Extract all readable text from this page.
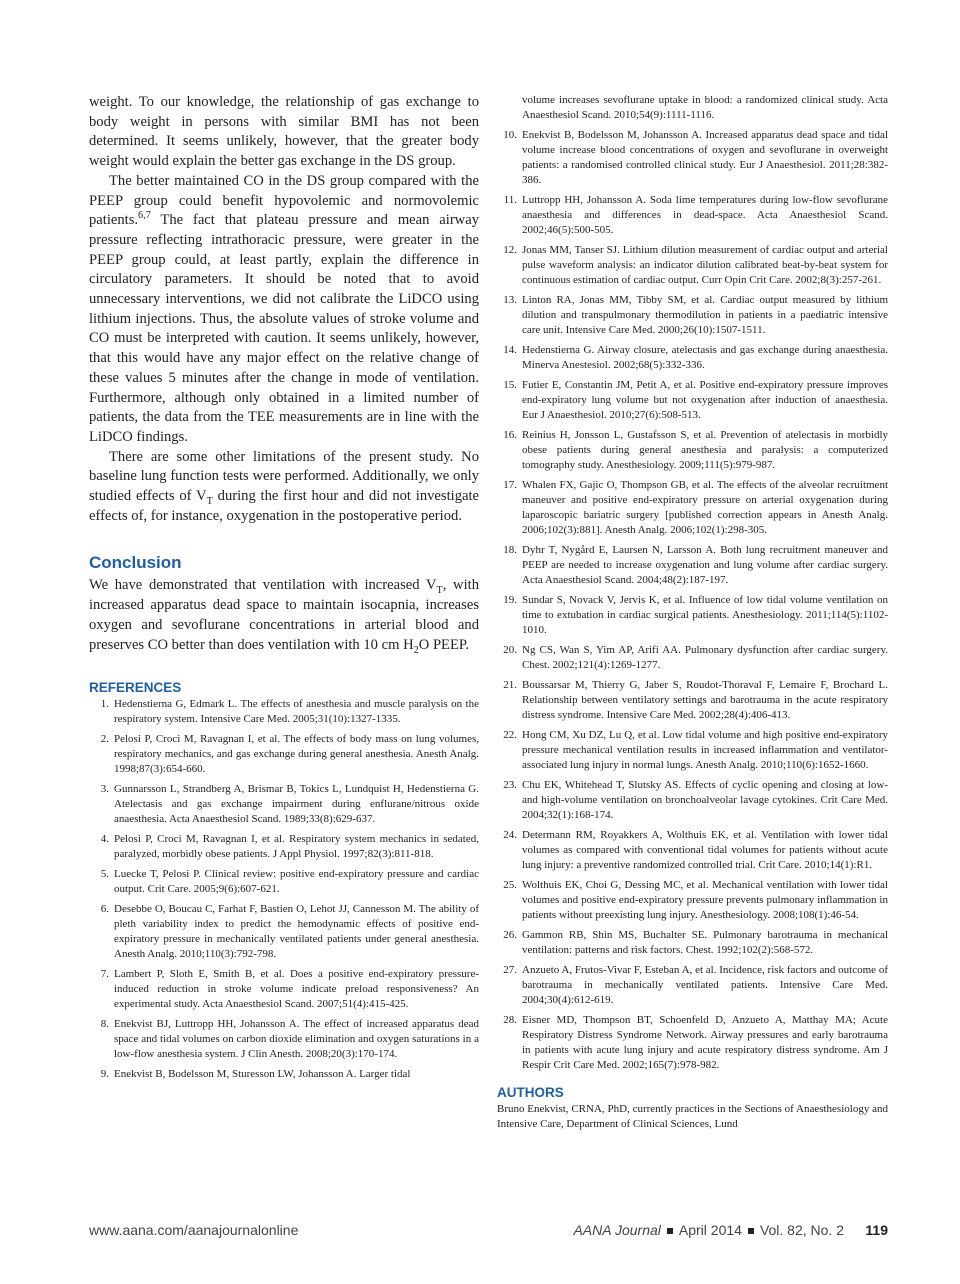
weight. To our knowledge, the relationship of gas exchange to body weight in persons with similar BMI has not been determined. It seems unlikely, however, that the greater body weight would explain the better gas exchange in the DS group.

The better maintained CO in the DS group compared with the PEEP group could benefit hypovolemic and normovolemic patients.$^{6,7}$ The fact that plateau pressure and mean airway pressure reflecting intrathoracic pressure, were greater in the PEEP group could, at least partly, explain the difference in circulatory parameters. It should be noted that to avoid unnecessary interventions, we did not calibrate the LiDCO using lithium injections. Thus, the absolute values of stroke volume and CO must be interpreted with caution. It seems unlikely, however, that this would have any major effect on the relative change of these values 5 minutes after the change in mode of ventilation. Furthermore, although only obtained in a limited number of patients, the data from the TEE measurements are in line with the LiDCO findings.

There are some other limitations of the present study. No baseline lung function tests were performed. Additionally, we only studied effects of $V_T$ during the first hour and did not investigate effects of, for instance, oxygenation in the postoperative period.

Conclusion

We have demonstrated that ventilation with increased $V_T$, with increased apparatus dead space to maintain isocapnia, increases oxygen and sevoflurane concentrations in arterial blood and preserves CO better than does ventilation with 10 cm $H_2O$ PEEP.

REFERENCES
1. Hedenstierna G, Edmark L. The effects of anesthesia and muscle paralysis on the respiratory system. Intensive Care Med. 2005;31(10):1327-1335.
2. Pelosi P, Croci M, Ravagnan I, et al. The effects of body mass on lung volumes, respiratory mechanics, and gas exchange during general anesthesia. Anesth Analg. 1998;87(3):654-660.
3. Gunnarsson L, Strandberg A, Brismar B, Tokics L, Lundquist H, Hedenstierna G. Atelectasis and gas exchange impairment during enflurane/nitrous oxide anaesthesia. Acta Anaesthesiol Scand. 1989;33(8):629-637.
4. Pelosi P, Croci M, Ravagnan I, et al. Respiratory system mechanics in sedated, paralyzed, morbidly obese patients. J Appl Physiol. 1997;82(3):811-818.
5. Luecke T, Pelosi P. Clinical review: positive end-expiratory pressure and cardiac output. Crit Care. 2005;9(6):607-621.
6. Desebbe O, Boucau C, Farhat F, Bastien O, Lehot JJ, Cannesson M. The ability of pleth variability index to predict the hemodynamic effects of positive end-expiratory pressure in mechanically ventilated patients under general anesthesia. Anesth Analg. 2010;110(3):792-798.
7. Lambert P, Sloth E, Smith B, et al. Does a positive end-expiratory pressure-induced reduction in stroke volume indicate preload responsiveness? An experimental study. Acta Anaesthesiol Scand. 2007;51(4):415-425.
8. Enekvist BJ, Luttropp HH, Johansson A. The effect of increased apparatus dead space and tidal volumes on carbon dioxide elimination and oxygen saturations in a low-flow anesthesia system. J Clin Anesth. 2008;20(3):170-174.
9. Enekvist B, Bodelsson M, Sturesson LW, Johansson A. Larger tidal
volume increases sevoflurane uptake in blood: a randomized clinical study. Acta Anaesthesiol Scand. 2010;54(9):1111-1116.
10. Enekvist B, Bodelsson M, Johansson A. Increased apparatus dead space and tidal volume increase blood concentrations of oxygen and sevoflurane in overweight patients: a randomised controlled clinical study. Eur J Anaesthesiol. 2011;28:382-386.
11. Luttropp HH, Johansson A. Soda lime temperatures during low-flow sevoflurane anaesthesia and differences in dead-space. Acta Anaesthesiol Scand. 2002;46(5):500-505.
12. Jonas MM, Tanser SJ. Lithium dilution measurement of cardiac output and arterial pulse waveform analysis: an indicator dilution calibrated beat-by-beat system for continuous estimation of cardiac output. Curr Opin Crit Care. 2002;8(3):257-261.
13. Linton RA, Jonas MM, Tibby SM, et al. Cardiac output measured by lithium dilution and transpulmonary thermodilution in patients in a paediatric intensive care unit. Intensive Care Med. 2000;26(10):1507-1511.
14. Hedenstierna G. Airway closure, atelectasis and gas exchange during anaesthesia. Minerva Anestesiol. 2002;68(5):332-336.
15. Futier E, Constantin JM, Petit A, et al. Positive end-expiratory pressure improves end-expiratory lung volume but not oxygenation after induction of anaesthesia. Eur J Anaesthesiol. 2010;27(6):508-513.
16. Reinius H, Jonsson L, Gustafsson S, et al. Prevention of atelectasis in morbidly obese patients during general anesthesia and paralysis: a computerized tomography study. Anesthesiology. 2009;111(5):979-987.
17. Whalen FX, Gajic O, Thompson GB, et al. The effects of the alveolar recruitment maneuver and positive end-expiratory pressure on arterial oxygenation during laparoscopic bariatric surgery [published correction appears in Anesth Analg. 2006;102(3):881]. Anesth Analg. 2006;102(1):298-305.
18. Dyhr T, Nygård E, Laursen N, Larsson A. Both lung recruitment maneuver and PEEP are needed to increase oxygenation and lung volume after cardiac surgery. Acta Anaesthesiol Scand. 2004;48(2):187-197.
19. Sundar S, Novack V, Jervis K, et al. Influence of low tidal volume ventilation on time to extubation in cardiac surgical patients. Anesthesiology. 2011;114(5):1102-1010.
20. Ng CS, Wan S, Yim AP, Arifi AA. Pulmonary dysfunction after cardiac surgery. Chest. 2002;121(4):1269-1277.
21. Boussarsar M, Thierry G, Jaber S, Roudot-Thoraval F, Lemaire F, Brochard L. Relationship between ventilatory settings and barotrauma in the acute respiratory distress syndrome. Intensive Care Med. 2002;28(4):406-413.
22. Hong CM, Xu DZ, Lu Q, et al. Low tidal volume and high positive end-expiratory pressure mechanical ventilation results in increased inflammation and ventilator-associated lung injury in normal lungs. Anesth Analg. 2010;110(6):1652-1660.
23. Chu EK, Whitehead T, Slutsky AS. Effects of cyclic opening and closing at low- and high-volume ventilation on bronchoalveolar lavage cytokines. Crit Care Med. 2004;32(1):168-174.
24. Determann RM, Royakkers A, Wolthuis EK, et al. Ventilation with lower tidal volumes as compared with conventional tidal volumes for patients without acute lung injury: a preventive randomized controlled trial. Crit Care. 2010;14(1):R1.
25. Wolthuis EK, Choi G, Dessing MC, et al. Mechanical ventilation with lower tidal volumes and positive end-expiratory pressure prevents pulmonary inflammation in patients without preexisting lung injury. Anesthesiology. 2008;108(1):46-54.
26. Gammon RB, Shin MS, Buchalter SE. Pulmonary barotrauma in mechanical ventilation: patterns and risk factors. Chest. 1992;102(2):568-572.
27. Anzueto A, Frutos-Vivar F, Esteban A, et al. Incidence, risk factors and outcome of barotrauma in mechanically ventilated patients. Intensive Care Med. 2004;30(4):612-619.
28. Eisner MD, Thompson BT, Schoenfeld D, Anzueto A, Matthay MA; Acute Respiratory Distress Syndrome Network. Airway pressures and early barotrauma in patients with acute lung injury and acute respiratory distress syndrome. Am J Respir Crit Care Med. 2002;165(7):978-982.
AUTHORS

Bruno Enekvist, CRNA, PhD, currently practices in the Sections of Anaesthesiology and Intensive Care, Department of Clinical Sciences, Lund

www.aana.com/aanajournalonline	AANA Journal April 2014 Vol. 82, No. 2 119
